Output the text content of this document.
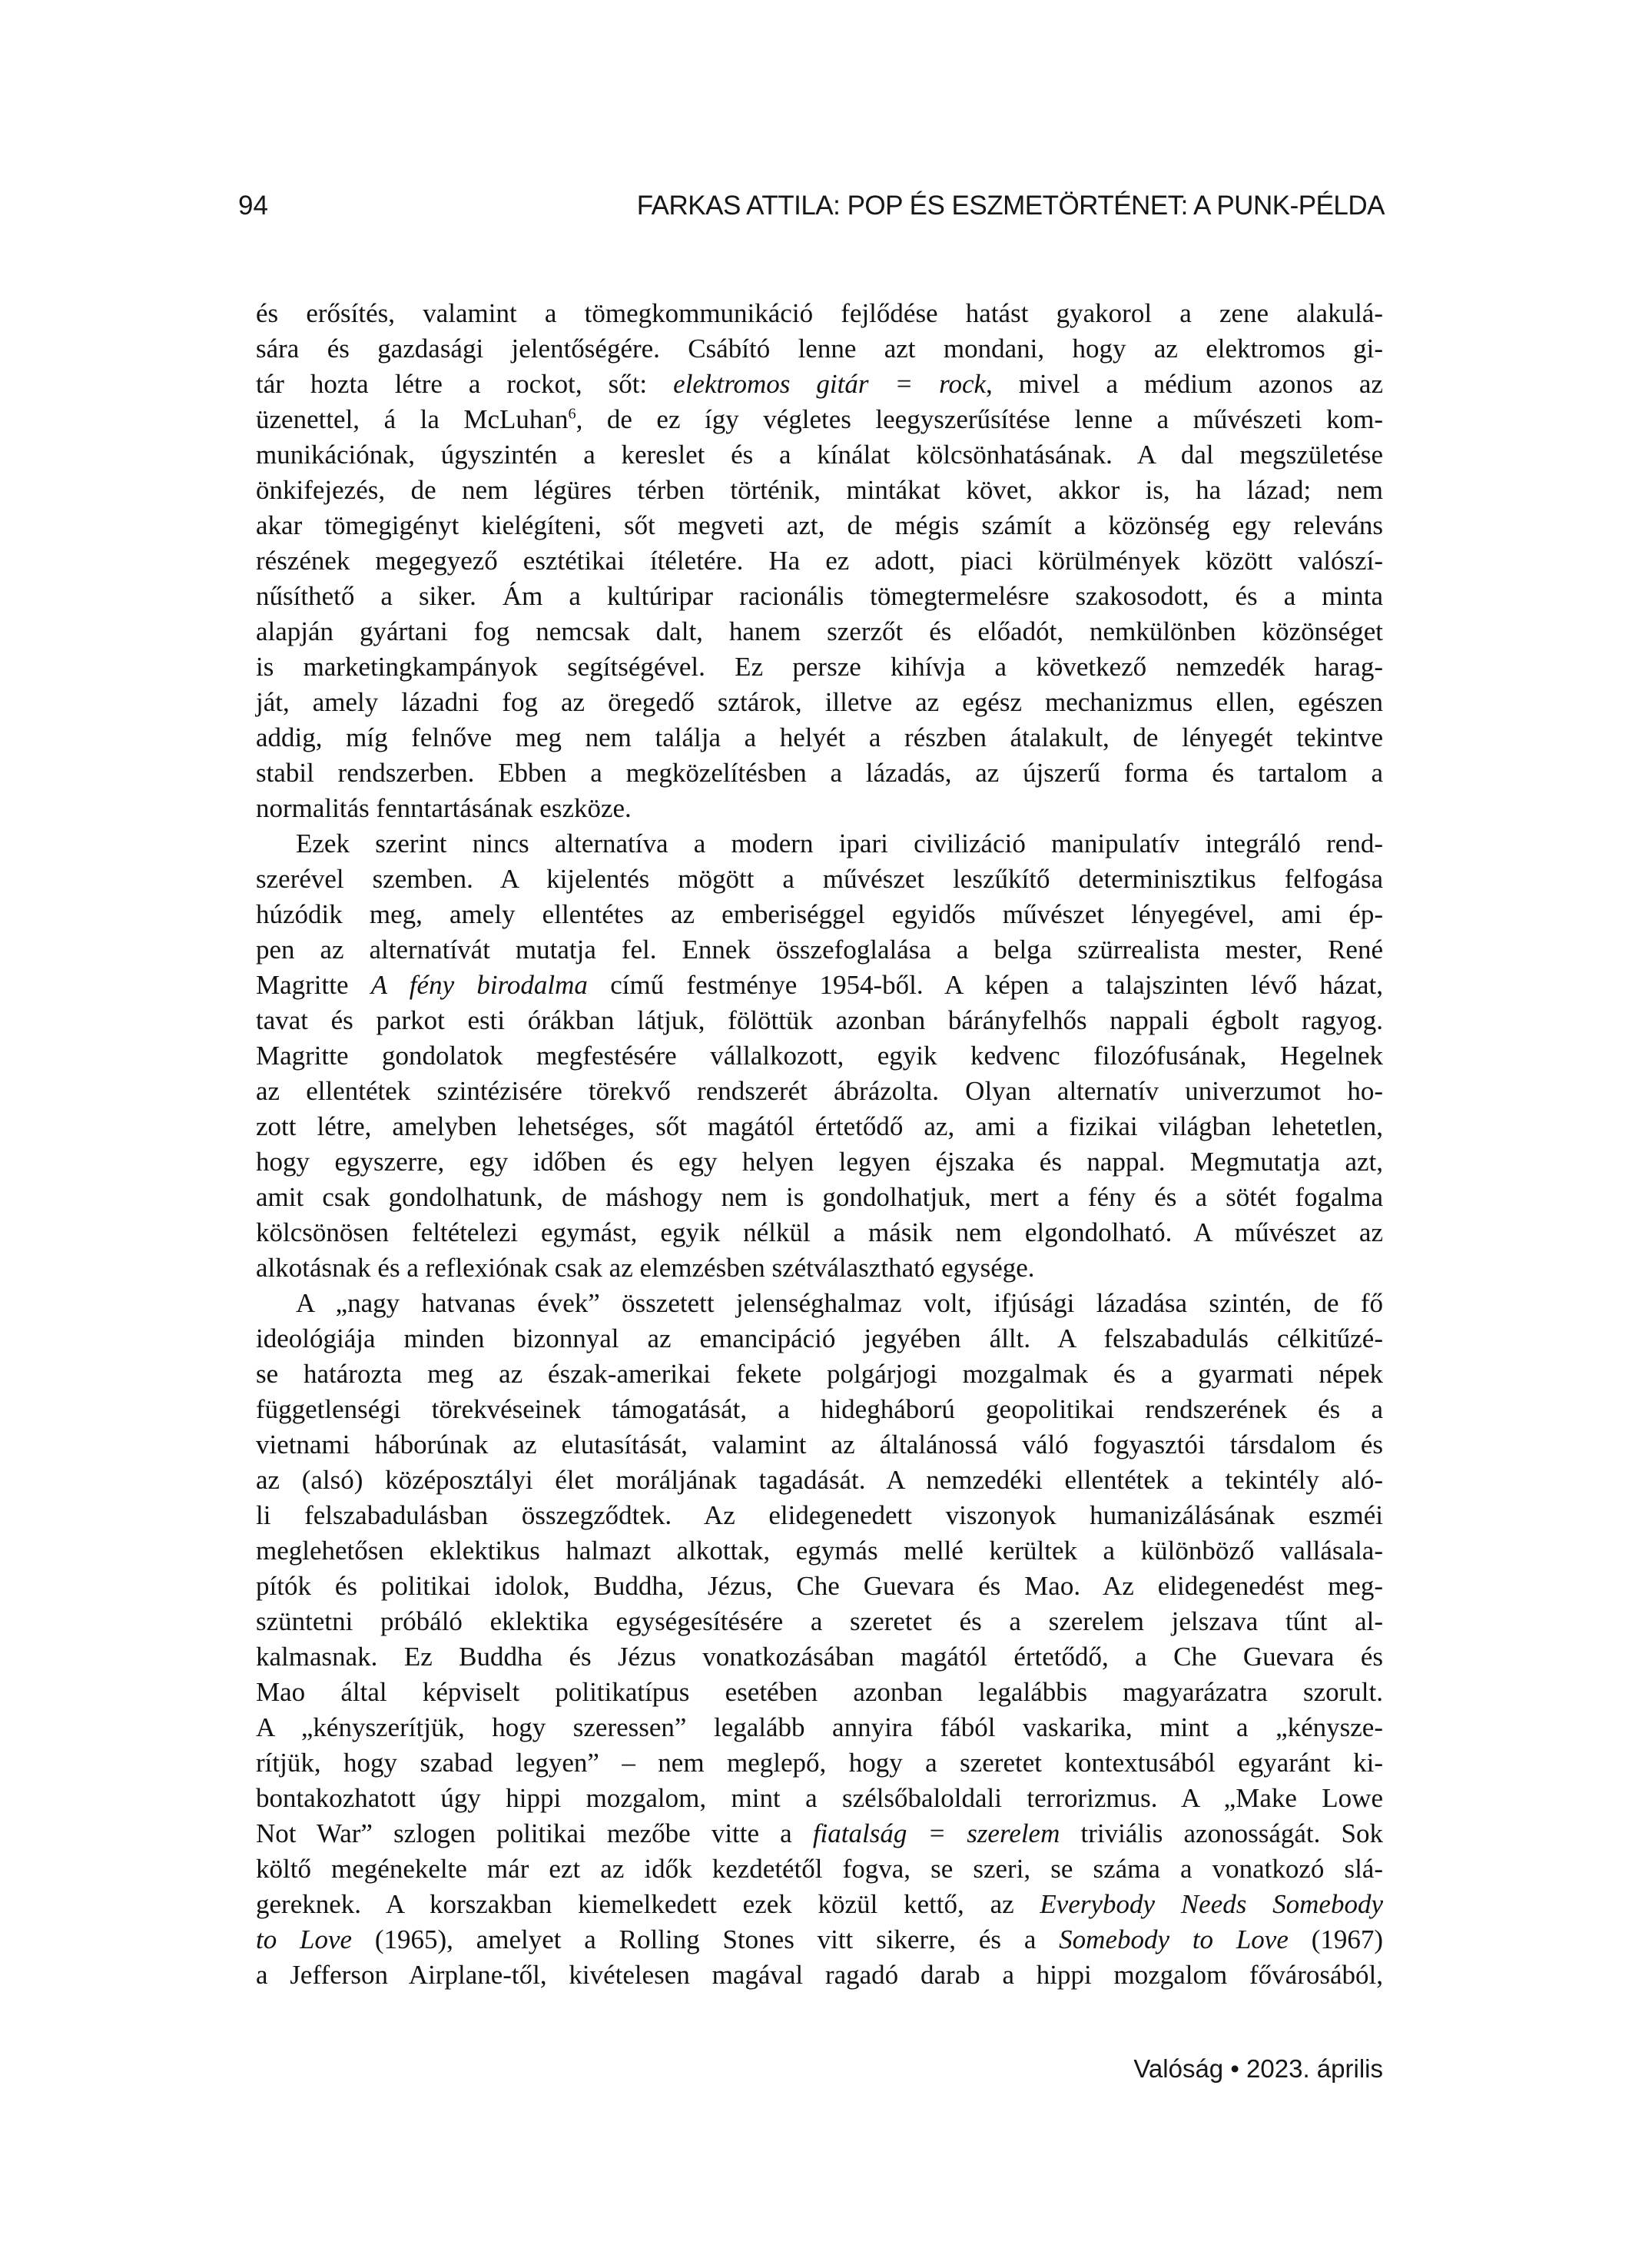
94	FARKAS ATTILA: POP ÉS ESZMETÖRTÉNET: A PUNK-PÉLDA
és erősítés, valamint a tömegkommunikáció fejlődése hatást gyakorol a zene alakulá-
sára és gazdasági jelentőségére. Csábító lenne azt mondani, hogy az elektromos gi-
tár hozta létre a rockot, sőt: elektromos gitár = rock, mivel a médium azonos az
üzenettel, á la McLuhan$^6$, de ez így végletes leegyszerűsítése lenne a művészeti kom-
munikációnak, úgyszintén a kereslet és a kínálat kölcsönhatásának. A dal megszületése
önkifejezés, de nem légüres térben történik, mintákat követ, akkor is, ha lázad; nem
akar tömegigényt kielégíteni, sőt megveti azt, de mégis számít a közönség egy releváns
részének megegyező esztétikai ítéletére. Ha ez adott, piaci körülmények között valószí-
nűsíthető a siker. Ám a kultúripar racionális tömegtermelésre szakosodott, és a minta
alapján gyártani fog nemcsak dalt, hanem szerzőt és előadót, nemkülönben közönséget
is marketingkampányok segítségével. Ez persze kihívja a következő nemzedék harag-
ját, amely lázadni fog az öregedő sztárok, illetve az egész mechanizmus ellen, egészen
addig, míg felnőve meg nem találja a helyét a részben átalakult, de lényegét tekintve
stabil rendszerben. Ebben a megközelítésben a lázadás, az újszerű forma és tartalom a
normalitás fenntartásának eszköze.
Ezek szerint nincs alternatíva a modern ipari civilizáció manipulatív integráló rend-
szerével szemben. A kijelentés mögött a művészet leszűkítő determinisztikus felfogása
húzódik meg, amely ellentétes az emberiséggel egyidős művészet lényegével, ami ép-
pen az alternatívát mutatja fel. Ennek összefoglalása a belga szürrealista mester, René
Magritte A fény birodalma című festménye 1954-ből. A képen a talajszinten lévő házat,
tavat és parkot esti órákban látjuk, fölöttük azonban bárányfelhős nappali égbolt ragyog.
Magritte gondolatok megfestésére vállalkozott, egyik kedvenc filozófusának, Hegelnek
az ellentétek szintézisére törekvő rendszerét ábrázolta. Olyan alternatív univerzumot ho-
zott létre, amelyben lehetséges, sőt magától értetődő az, ami a fizikai világban lehetetlen,
hogy egyszerre, egy időben és egy helyen legyen éjszaka és nappal. Megmutatja azt,
amit csak gondolhatunk, de máshogy nem is gondolhatjuk, mert a fény és a sötét fogalma
kölcsönösen feltételezi egymást, egyik nélkül a másik nem elgondolható. A művészet az
alkotásnak és a reflexiónak csak az elemzésben szétválasztható egysége.
A „nagy hatvanas évek” összetett jelenséghalmaz volt, ifjúsági lázadása szintén, de fő
ideológiája minden bizonnyal az emancipáció jegyében állt. A felszabadulás célkitűzé-
se határozta meg az észak-amerikai fekete polgárjogi mozgalmak és a gyarmati népek
függetlenségi törekvéseinek támogatását, a hidegháború geopolitikai rendszerének és a
vietnami háborúnak az elutasítását, valamint az általánossá váló fogyasztói társdalom és
az (alsó) középosztályi élet moráljának tagadását. A nemzedéki ellentétek a tekintély aló-
li felszabadulásban összegződtek. Az elidegenedett viszonyok humanizálásának eszméi
meglehetősen eklektikus halmazt alkottak, egymás mellé kerültek a különböző vallásala-
pítók és politikai idolok, Buddha, Jézus, Che Guevara és Mao. Az elidegenedést meg-
szüntetni próbáló eklektika egységesítésére a szeretet és a szerelem jelszava tűnt al-
kalmasnak. Ez Buddha és Jézus vonatkozásában magától értetődő, a Che Guevara és
Mao által képviselt politikatípus esetében azonban legalábbis magyarázatra szorult.
A „kényszerítjük, hogy szeressen” legalább annyira fából vaskarika, mint a „kénysze-
rítjük, hogy szabad legyen” – nem meglepő, hogy a szeretet kontextusából egyaránt ki-
bontakozhatott úgy hippi mozgalom, mint a szélsőbaloldali terrorizmus. A „Make Lowe
Not War” szlogen politikai mezőbe vitte a fiatalság = szerelem triviális azonosságát. Sok
költő megénekelte már ezt az idők kezdetétől fogva, se szeri, se száma a vonatkozó slá-
gereknek. A korszakban kiemelkedett ezek közül kettő, az Everybody Needs Somebody
to Love (1965), amelyet a Rolling Stones vitt sikerre, és a Somebody to Love (1967)
a Jefferson Airplane-től, kivételesen magával ragadó darab a hippi mozgalom fővárosából,
Valóság • 2023. április
